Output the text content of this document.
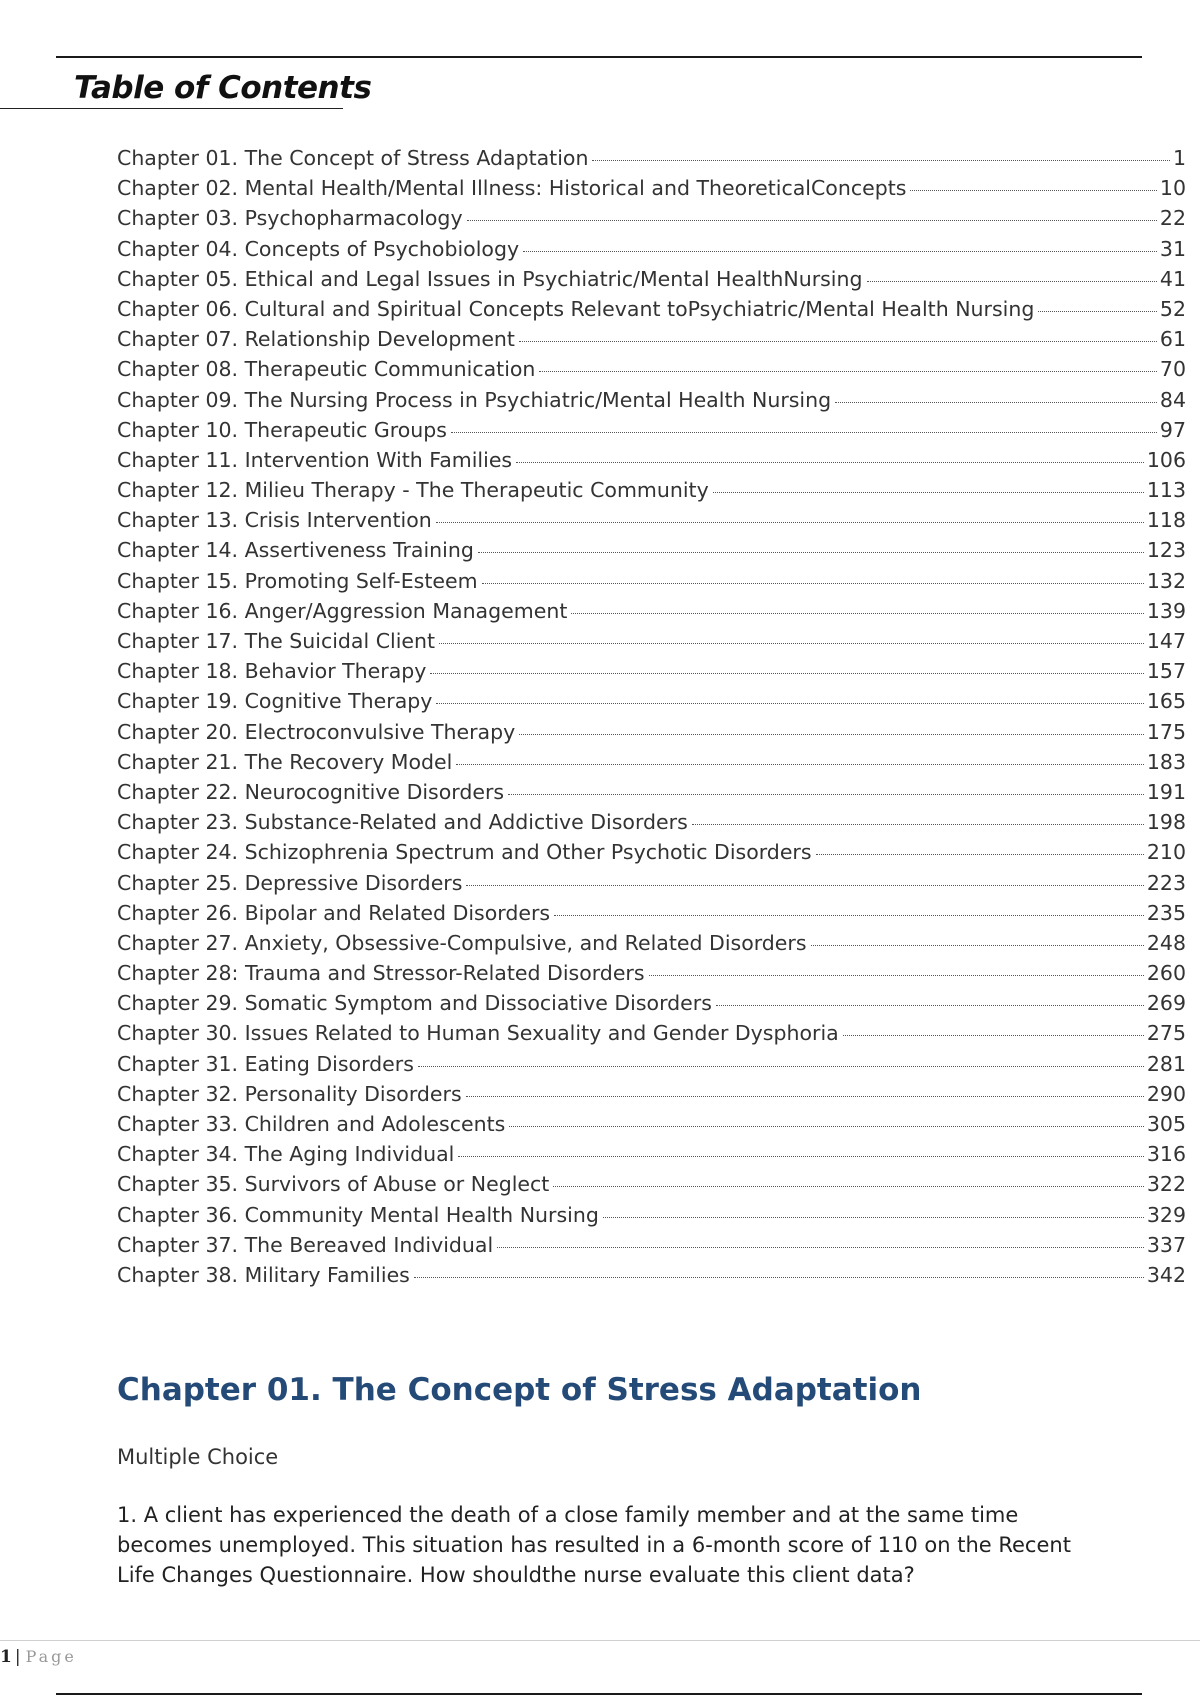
Table of Contents
Chapter 01. The Concept of Stress Adaptation	1
Chapter 02. Mental Health/Mental Illness: Historical and TheoreticalConcepts	10
Chapter 03. Psychopharmacology	22
Chapter 04. Concepts of Psychobiology	31
Chapter 05. Ethical and Legal Issues in Psychiatric/Mental HealthNursing	41
Chapter 06. Cultural and Spiritual Concepts Relevant toPsychiatric/Mental Health Nursing	52
Chapter 07. Relationship Development	61
Chapter 08. Therapeutic Communication	70
Chapter 09. The Nursing Process in Psychiatric/Mental Health Nursing	84
Chapter 10. Therapeutic Groups	97
Chapter 11. Intervention With Families	106
Chapter 12. Milieu Therapy - The Therapeutic Community	113
Chapter 13. Crisis Intervention	118
Chapter 14. Assertiveness Training	123
Chapter 15. Promoting Self-Esteem	132
Chapter 16. Anger/Aggression Management	139
Chapter 17. The Suicidal Client	147
Chapter 18. Behavior Therapy	157
Chapter 19. Cognitive Therapy	165
Chapter 20. Electroconvulsive Therapy	175
Chapter 21. The Recovery Model	183
Chapter 22. Neurocognitive Disorders	191
Chapter 23. Substance-Related and Addictive Disorders	198
Chapter 24. Schizophrenia Spectrum and Other Psychotic Disorders	210
Chapter 25. Depressive Disorders	223
Chapter 26. Bipolar and Related Disorders	235
Chapter 27. Anxiety, Obsessive-Compulsive, and Related Disorders	248
Chapter 28: Trauma and Stressor-Related Disorders	260
Chapter 29. Somatic Symptom and Dissociative Disorders	269
Chapter 30. Issues Related to Human Sexuality and Gender Dysphoria	275
Chapter 31. Eating Disorders	281
Chapter 32. Personality Disorders	290
Chapter 33. Children and Adolescents	305
Chapter 34. The Aging Individual	316
Chapter 35. Survivors of Abuse or Neglect	322
Chapter 36. Community Mental Health Nursing	329
Chapter 37. The Bereaved Individual	337
Chapter 38. Military Families	342
Chapter 01. The Concept of Stress Adaptation

Multiple Choice

1. A client has experienced the death of a close family member and at the same time becomes unemployed. This situation has resulted in a 6-month score of 110 on the Recent Life Changes Questionnaire. How shouldthe nurse evaluate this client data?

1 | Page
